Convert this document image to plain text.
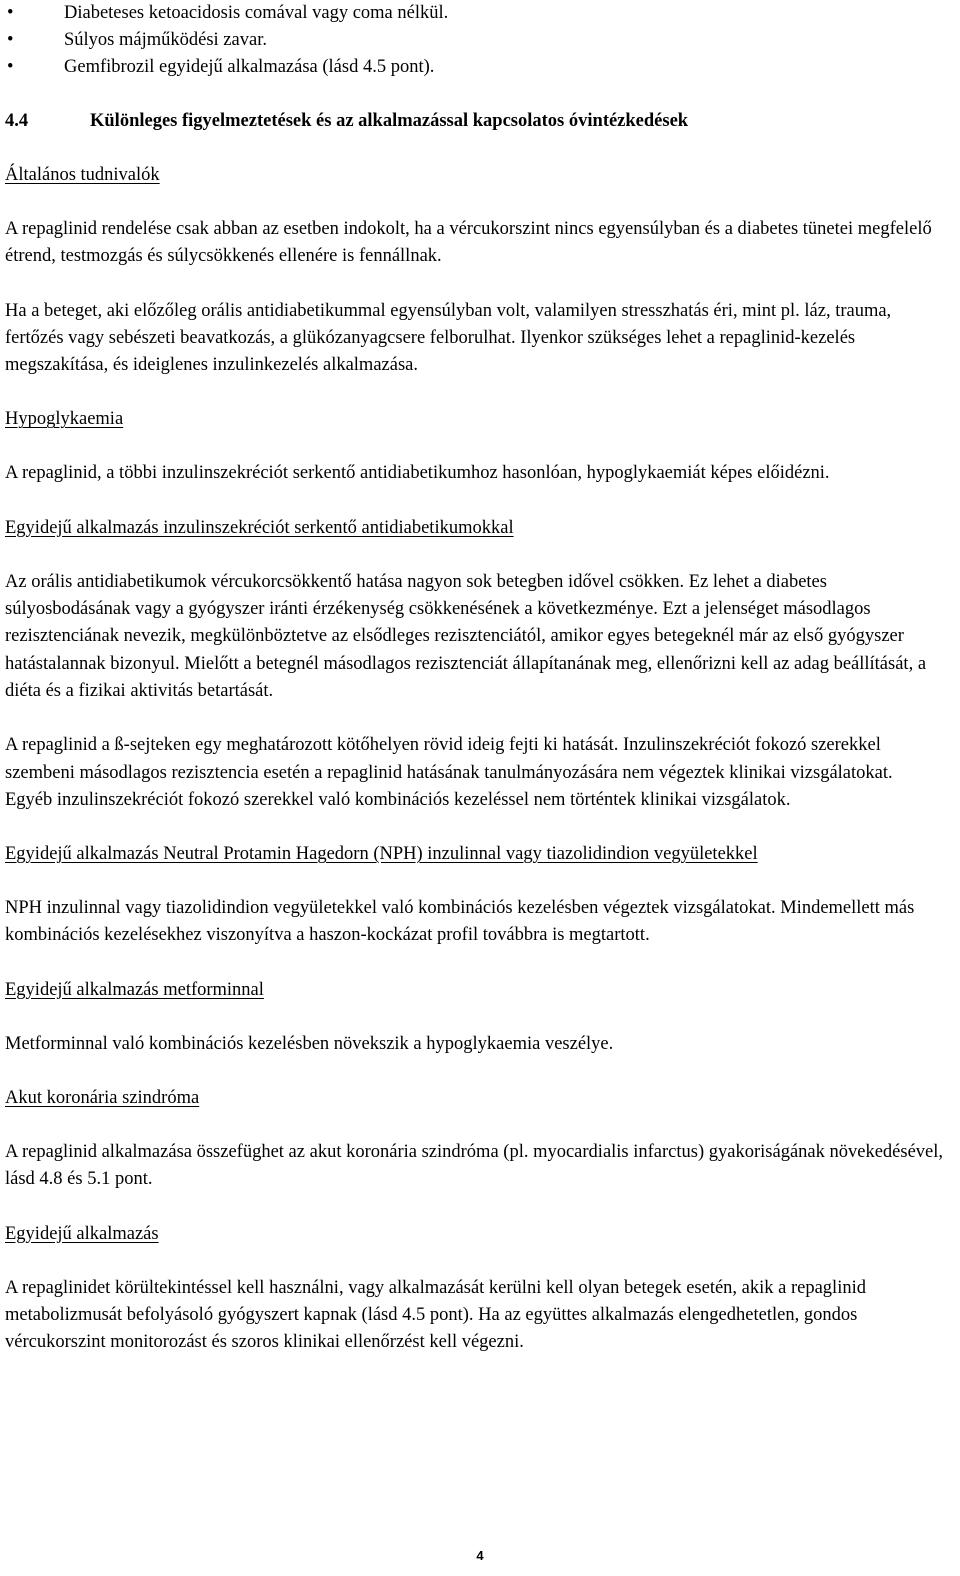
•	Diabeteses ketoacidosis comával vagy coma nélkül.
•	Súlyos májműködési zavar.
•	Gemfibrozil egyidejű alkalmazása (lásd 4.5 pont).
4.4	Különleges figyelmeztetések és az alkalmazással kapcsolatos óvintézkedések

Általános tudnivalók

A repaglinid rendelése csak abban az esetben indokolt, ha a vércukorszint nincs egyensúlyban és a diabetes tünetei megfelelő étrend, testmozgás és súlycsökkenés ellenére is fennállnak.

Ha a beteget, aki előzőleg orális antidiabetikummal egyensúlyban volt, valamilyen stresszhatás éri, mint pl. láz, trauma, fertőzés vagy sebészeti beavatkozás, a glükózanyagcsere felborulhat. Ilyenkor szükséges lehet a repaglinid-kezelés megszakítása, és ideiglenes inzulinkezelés alkalmazása.

Hypoglykaemia

A repaglinid, a többi inzulinszekréciót serkentő antidiabetikumhoz hasonlóan, hypoglykaemiát képes előidézni.

Egyidejű alkalmazás inzulinszekréciót serkentő antidiabetikumokkal

Az orális antidiabetikumok vércukorcsökkentő hatása nagyon sok betegben idővel csökken. Ez lehet a diabetes súlyosbodásának vagy a gyógyszer iránti érzékenység csökkenésének a következménye. Ezt a jelenséget másodlagos rezisztenciának nevezik, megkülönböztetve az elsődleges rezisztenciától, amikor egyes betegeknél már az első gyógyszer hatástalannak bizonyul. Mielőtt a betegnél másodlagos rezisztenciát állapítanának meg, ellenőrizni kell az adag beállítását, a diéta és a fizikai aktivitás betartását.

A repaglinid a ß-sejteken egy meghatározott kötőhelyen rövid ideig fejti ki hatását. Inzulinszekréciót fokozó szerekkel szembeni másodlagos rezisztencia esetén a repaglinid hatásának tanulmányozására nem végeztek klinikai vizsgálatokat.

Egyéb inzulinszekréciót fokozó szerekkel való kombinációs kezeléssel nem történtek klinikai vizsgálatok.

Egyidejű alkalmazás Neutral Protamin Hagedorn (NPH) inzulinnal vagy tiazolidindion vegyületekkel

NPH inzulinnal vagy tiazolidindion vegyületekkel való kombinációs kezelésben végeztek vizsgálatokat. Mindemellett más kombinációs kezelésekhez viszonyítva a haszon-kockázat profil továbbra is megtartott.

Egyidejű alkalmazás metforminnal

Metforminnal való kombinációs kezelésben növekszik a hypoglykaemia veszélye.

Akut koronária szindróma

A repaglinid alkalmazása összefüghet az akut koronária szindróma (pl. myocardialis infarctus) gyakoriságának növekedésével, lásd 4.8 és 5.1 pont.

Egyidejű alkalmazás

A repaglinidet körültekintéssel kell használni, vagy alkalmazását kerülni kell olyan betegek esetén, akik a repaglinid metabolizmusát befolyásoló gyógyszert kapnak (lásd 4.5 pont). Ha az együttes alkalmazás elengedhetetlen, gondos vércukorszint monitorozást és szoros klinikai ellenőrzést kell végezni.

4
